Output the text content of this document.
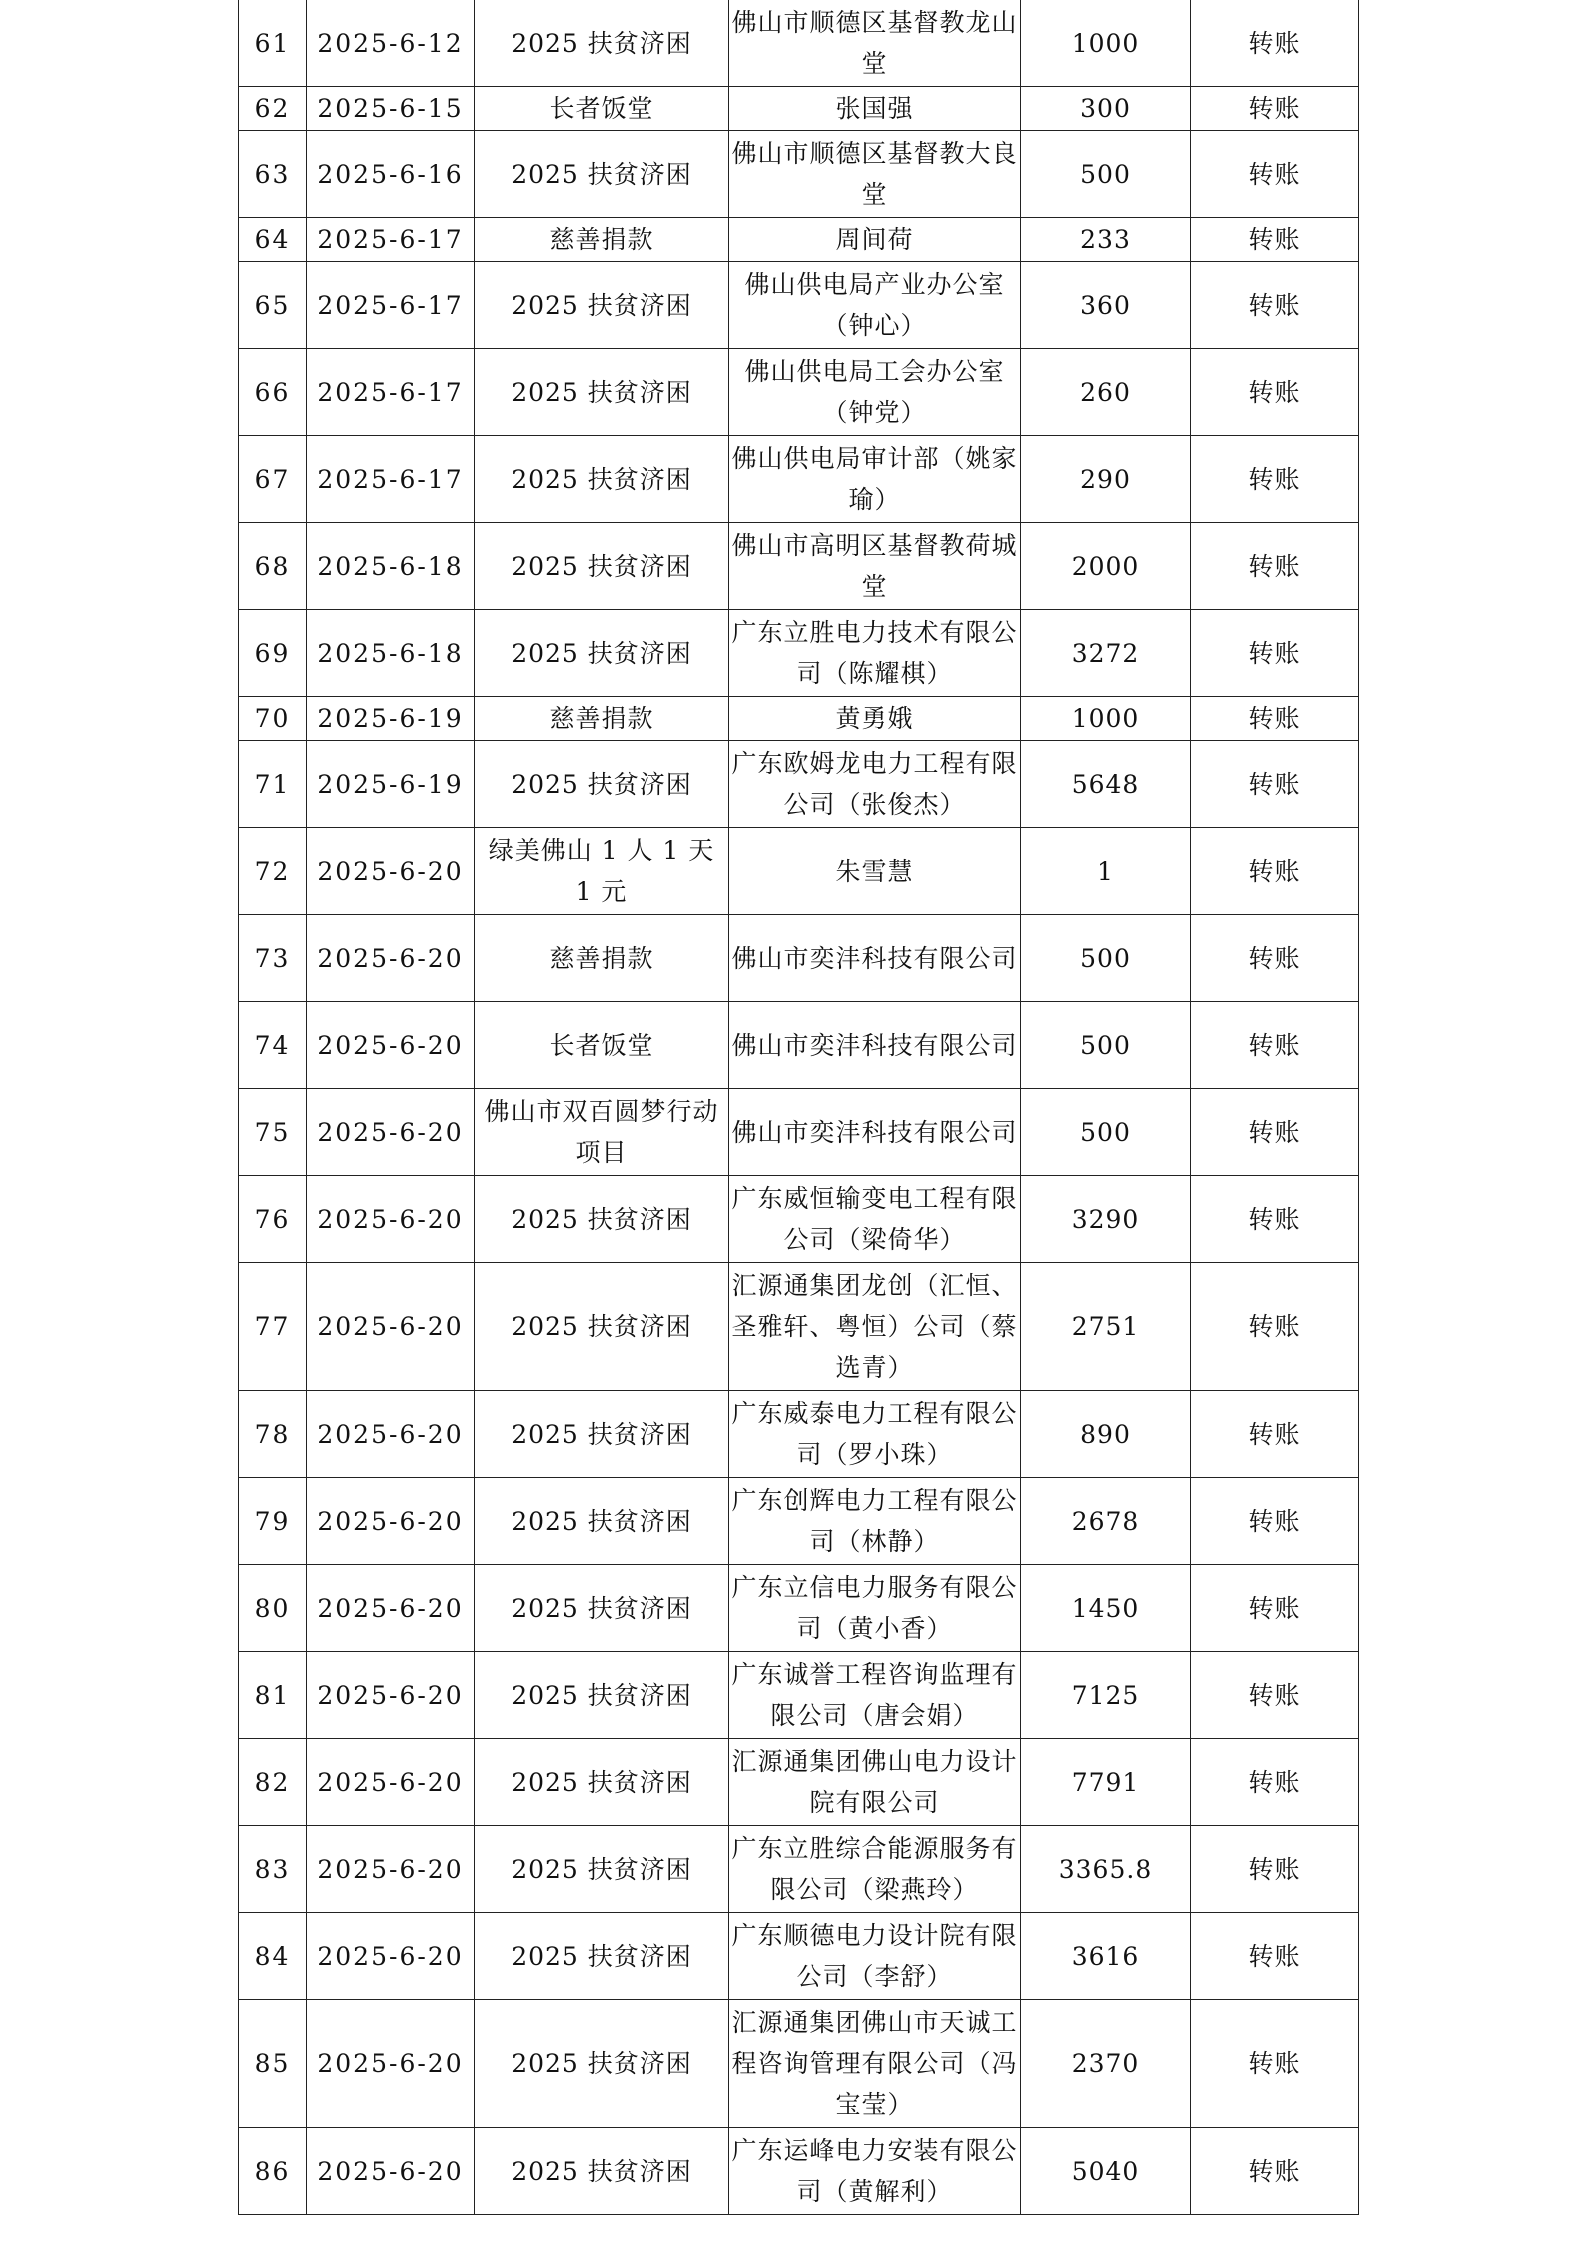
61	2025-6-12	2025 扶贫济困	佛山市顺德区基督教龙山堂	1000	转账
62	2025-6-15	长者饭堂	张国强	300	转账
63	2025-6-16	2025 扶贫济困	佛山市顺德区基督教大良堂	500	转账
64	2025-6-17	慈善捐款	周间荷	233	转账
65	2025-6-17	2025 扶贫济困	佛山供电局产业办公室（钟心）	360	转账
66	2025-6-17	2025 扶贫济困	佛山供电局工会办公室（钟党）	260	转账
67	2025-6-17	2025 扶贫济困	佛山供电局审计部（姚家瑜）	290	转账
68	2025-6-18	2025 扶贫济困	佛山市高明区基督教荷城堂	2000	转账
69	2025-6-18	2025 扶贫济困	广东立胜电力技术有限公司（陈耀棋）	3272	转账
70	2025-6-19	慈善捐款	黄勇娥	1000	转账
71	2025-6-19	2025 扶贫济困	广东欧姆龙电力工程有限公司（张俊杰）	5648	转账
72	2025-6-20	绿美佛山 1 人 1 天 1 元	朱雪慧	1	转账
73	2025-6-20	慈善捐款	佛山市奕沣科技有限公司	500	转账
74	2025-6-20	长者饭堂	佛山市奕沣科技有限公司	500	转账
75	2025-6-20	佛山市双百圆梦行动项目	佛山市奕沣科技有限公司	500	转账
76	2025-6-20	2025 扶贫济困	广东威恒输变电工程有限公司（梁倚华）	3290	转账
77	2025-6-20	2025 扶贫济困	汇源通集团龙创（汇恒、圣雅轩、粤恒）公司（蔡选青）	2751	转账
78	2025-6-20	2025 扶贫济困	广东威泰电力工程有限公司（罗小珠）	890	转账
79	2025-6-20	2025 扶贫济困	广东创辉电力工程有限公司（林静）	2678	转账
80	2025-6-20	2025 扶贫济困	广东立信电力服务有限公司（黄小香）	1450	转账
81	2025-6-20	2025 扶贫济困	广东诚誉工程咨询监理有限公司（唐会娟）	7125	转账
82	2025-6-20	2025 扶贫济困	汇源通集团佛山电力设计院有限公司	7791	转账
83	2025-6-20	2025 扶贫济困	广东立胜综合能源服务有限公司（梁燕玲）	3365.8	转账
84	2025-6-20	2025 扶贫济困	广东顺德电力设计院有限公司（李舒）	3616	转账
85	2025-6-20	2025 扶贫济困	汇源通集团佛山市天诚工程咨询管理有限公司（冯宝莹）	2370	转账
86	2025-6-20	2025 扶贫济困	广东运峰电力安装有限公司（黄解利）	5040	转账
